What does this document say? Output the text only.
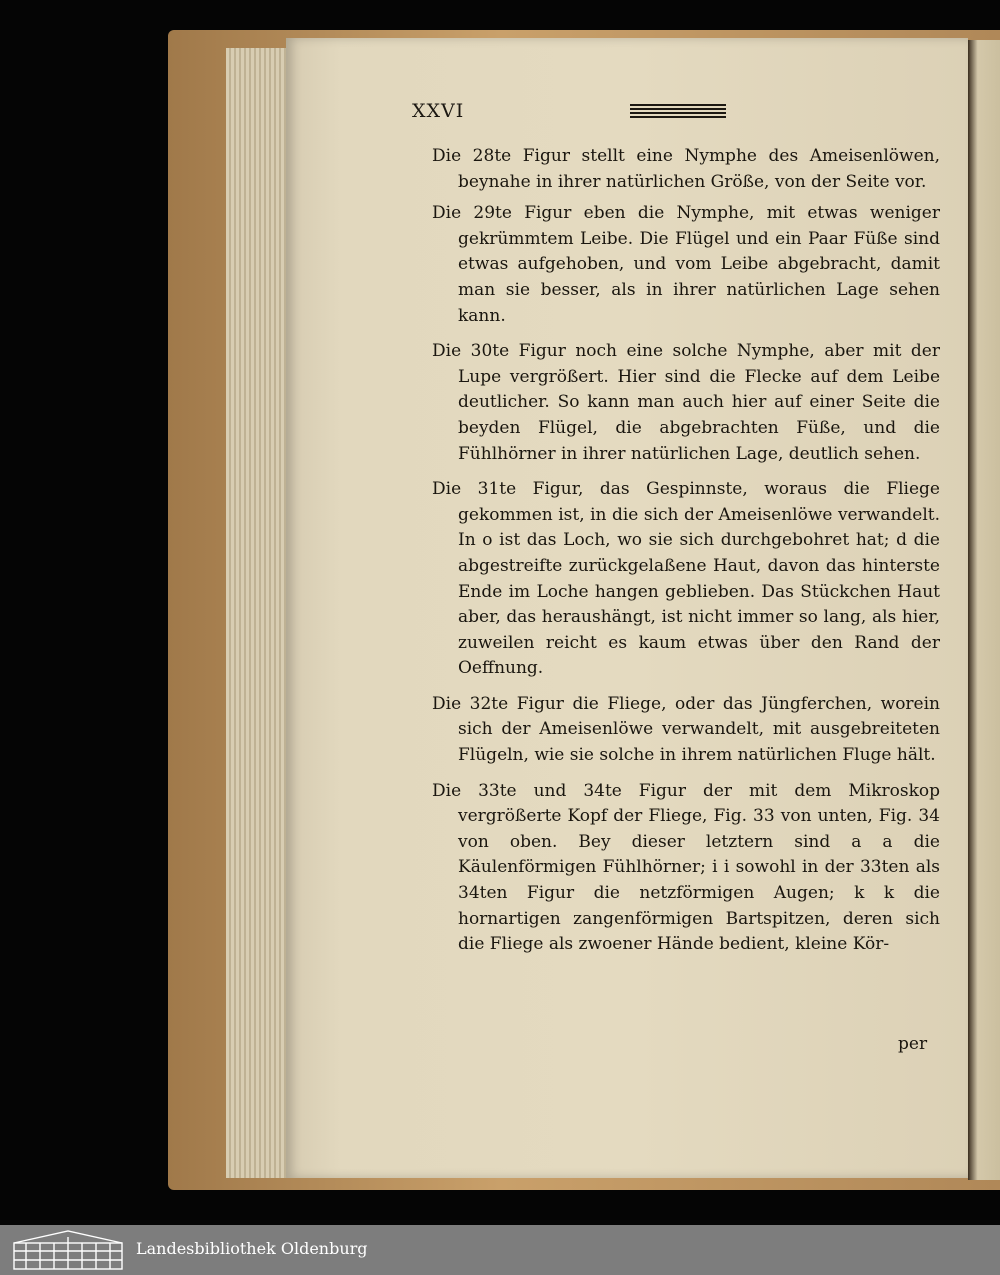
XXVI

Die 28te Figur stellt eine Nymphe des Ameisenlöwen, beynahe in ihrer natürlichen Größe, von der Seite vor.

Die 29te Figur eben die Nymphe, mit etwas weniger gekrümmtem Leibe. Die Flügel und ein Paar Füße sind etwas aufgehoben, und vom Leibe abgebracht, damit man sie besser, als in ihrer natürlichen Lage sehen kann.

Die 30te Figur noch eine solche Nymphe, aber mit der Lupe vergrößert. Hier sind die Flecke auf dem Leibe deutlicher. So kann man auch hier auf einer Seite die beyden Flügel, die abgebrachten Füße, und die Fühlhörner in ihrer natürlichen Lage, deutlich sehen.

Die 31te Figur, das Gespinnste, woraus die Fliege gekommen ist, in die sich der Ameisenlöwe verwandelt. In o ist das Loch, wo sie sich durchgebohret hat; d die abgestreifte zurückgelaßene Haut, davon das hinterste Ende im Loche hangen geblieben. Das Stückchen Haut aber, das heraushängt, ist nicht immer so lang, als hier, zuweilen reicht es kaum etwas über den Rand der Oeffnung.

Die 32te Figur die Fliege, oder das Jüngferchen, worein sich der Ameisenlöwe verwandelt, mit ausgebreiteten Flügeln, wie sie solche in ihrem natürlichen Fluge hält.

Die 33te und 34te Figur der mit dem Mikroskop vergrößerte Kopf der Fliege, Fig. 33 von unten, Fig. 34 von oben. Bey dieser letztern sind a a die Käulenförmigen Fühlhörner; i i sowohl in der 33ten als 34ten Figur die netzförmigen Augen; k k die hornartigen zangenförmigen Bartspitzen, deren sich die Fliege als zwoener Hände bedient, kleine Kör-

per
Landesbibliothek Oldenburg
